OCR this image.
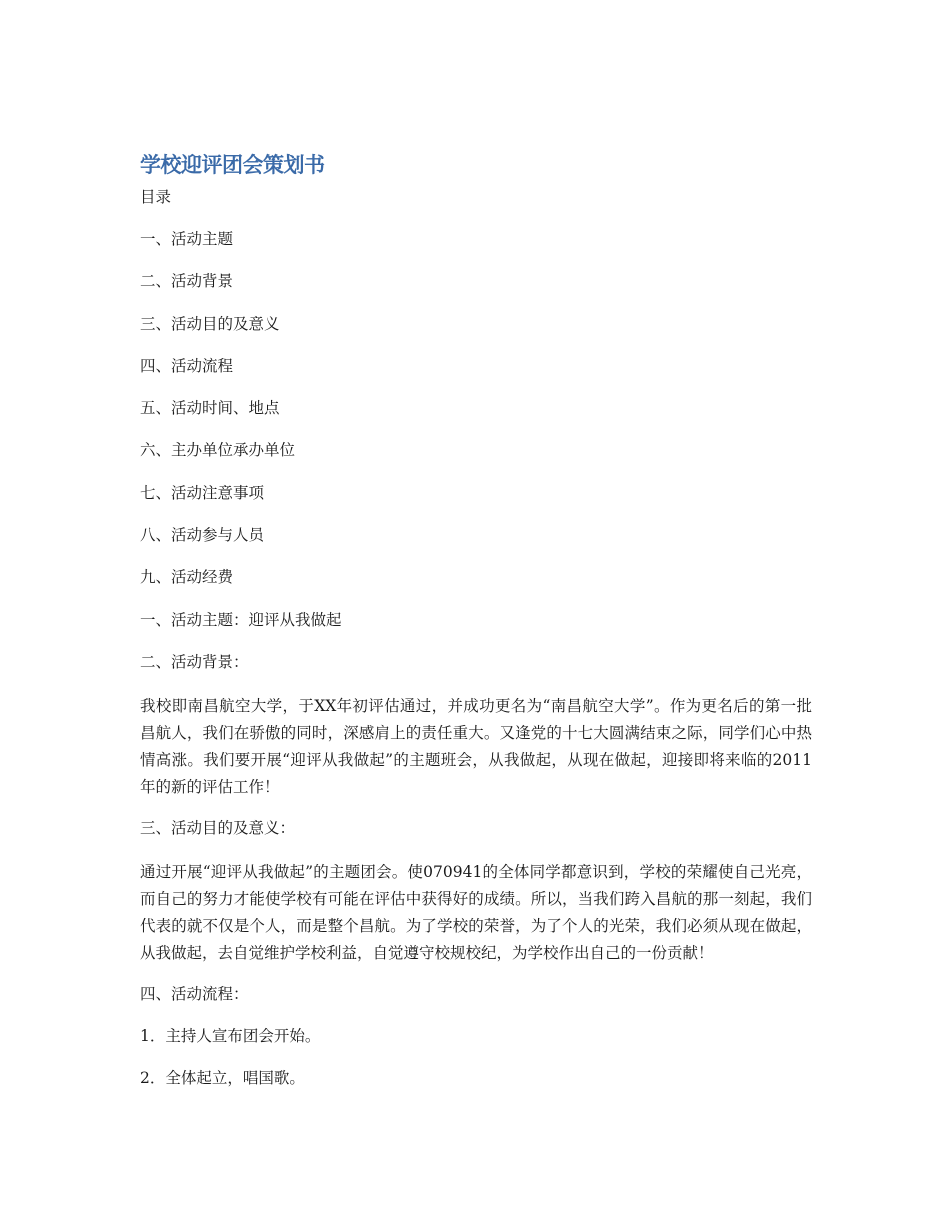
学校迎评团会策划书
目录
一、活动主题
二、活动背景
三、活动目的及意义
四、活动流程
五、活动时间、地点
六、主办单位承办单位
七、活动注意事项
八、活动参与人员
九、活动经费
一、活动主题：迎评从我做起
二、活动背景：

我校即南昌航空大学，于XX年初评估通过，并成功更名为“南昌航空大学”。作为更名后的第一批昌航人，我们在骄傲的同时，深感肩上的责任重大。又逢党的十七大圆满结束之际，同学们心中热情高涨。我们要开展“迎评从我做起”的主题班会，从我做起，从现在做起，迎接即将来临的2011年的新的评估工作！

三、活动目的及意义：

通过开展“迎评从我做起”的主题团会。使070941的全体同学都意识到，学校的荣耀使自己光亮，而自己的努力才能使学校有可能在评估中获得好的成绩。所以，当我们跨入昌航的那一刻起，我们代表的就不仅是个人，而是整个昌航。为了学校的荣誉，为了个人的光荣，我们必须从现在做起，从我做起，去自觉维护学校利益，自觉遵守校规校纪，为学校作出自己的一份贡献！

四、活动流程：
1．主持人宣布团会开始。
2．全体起立，唱国歌。
